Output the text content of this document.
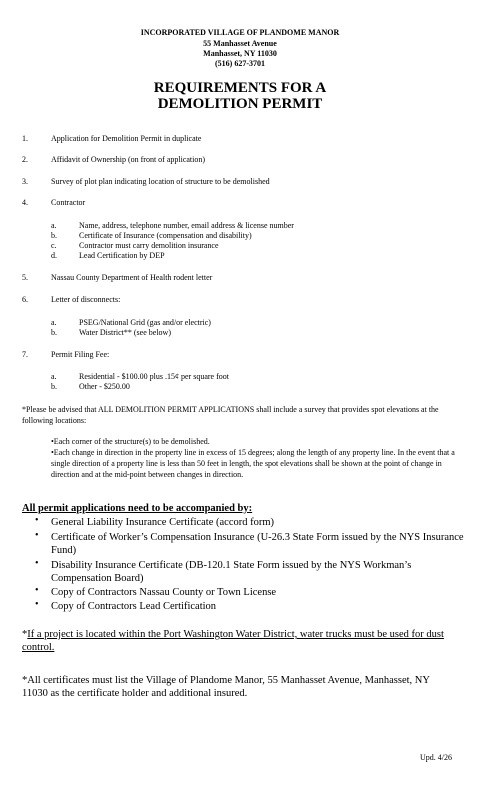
INCORPORATED VILLAGE OF PLANDOME MANOR
55 Manhasset Avenue
Manhasset, NY 11030
(516) 627-3701
REQUIREMENTS FOR A
DEMOLITION PERMIT
1.	Application for Demolition Permit in duplicate
2.	Affidavit of Ownership (on front of application)
3.	Survey of plot plan indicating location of structure to be demolished
4.	Contractor
a.	Name, address, telephone number, email address & license number
b.	Certificate of Insurance (compensation and disability)
c.	Contractor must carry demolition insurance
d.	Lead Certification by DEP
5.	Nassau County Department of Health rodent letter
6.	Letter of disconnects:
a.	PSEG/National Grid (gas and/or electric)
b.	Water District** (see below)
7.	Permit Filing Fee:
a.	Residential - $100.00 plus .15¢ per square foot
b.	Other - $250.00
*Please be advised that ALL DEMOLITION PERMIT APPLICATIONS shall include a survey that provides spot elevations at the following locations:
•Each corner of the structure(s) to be demolished.
•Each change in direction in the property line in excess of 15 degrees; along the length of any property line. In the event that a single direction of a property line is less than 50 feet in length, the spot elevations shall be shown at the point of change in direction and at the mid-point between changes in direction.
All permit applications need to be accompanied by:
• General Liability Insurance Certificate (accord form)
• Certificate of Worker’s Compensation Insurance (U-26.3 State Form issued by the NYS Insurance Fund)
• Disability Insurance Certificate (DB-120.1 State Form issued by the NYS Workman’s Compensation Board)
• Copy of Contractors Nassau County or Town License
• Copy of Contractors Lead Certification
*If a project is located within the Port Washington Water District, water trucks must be used for dust control.
*All certificates must list the Village of Plandome Manor, 55 Manhasset Avenue, Manhasset, NY 11030 as the certificate holder and additional insured.
Upd. 4/26
